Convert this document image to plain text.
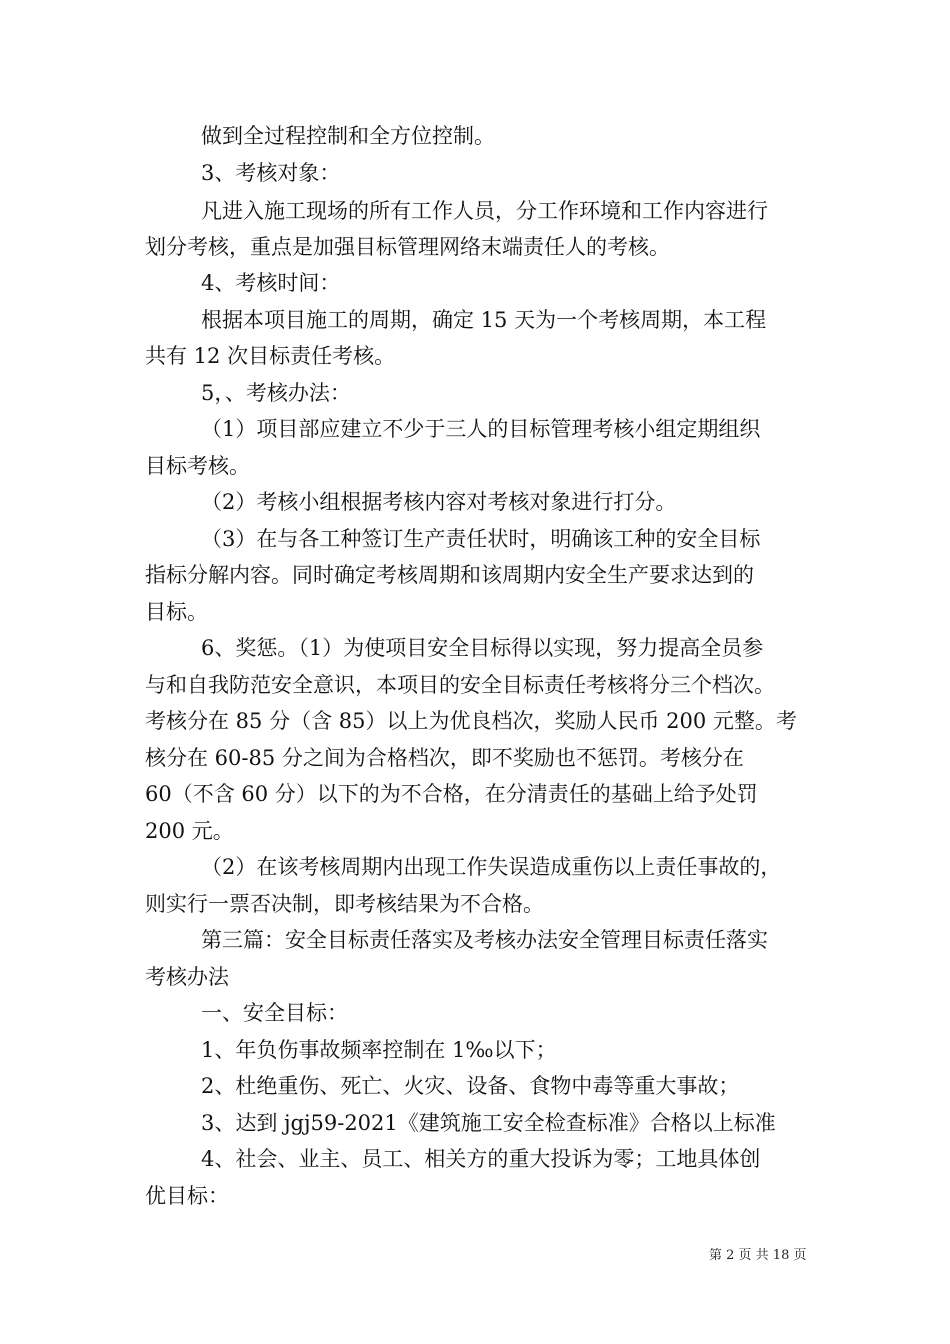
做到全过程控制和全方位控制。
3、考核对象：
凡进入施工现场的所有工作人员，分工作环境和工作内容进行
划分考核，重点是加强目标管理网络末端责任人的考核。
4、考核时间：
根据本项目施工的周期，确定 15 天为一个考核周期，本工程
共有 12 次目标责任考核。
5，、考核办法：
（1）项目部应建立不少于三人的目标管理考核小组定期组织
目标考核。
（2）考核小组根据考核内容对考核对象进行打分。
（3）在与各工种签订生产责任状时，明确该工种的安全目标
指标分解内容。同时确定考核周期和该周期内安全生产要求达到的
目标。
6、奖惩。（1）为使项目安全目标得以实现，努力提高全员参
与和自我防范安全意识，本项目的安全目标责任考核将分三个档次。
考核分在 85 分（含 85）以上为优良档次，奖励人民币 200 元整。考
核分在 60-85 分之间为合格档次，即不奖励也不惩罚。考核分在
60（不含 60 分）以下的为不合格，在分清责任的基础上给予处罚
200 元。
（2）在该考核周期内出现工作失误造成重伤以上责任事故的，
则实行一票否决制，即考核结果为不合格。
第三篇：安全目标责任落实及考核办法安全管理目标责任落实
考核办法
一、安全目标：
1、年负伤事故频率控制在 1‰以下；
2、杜绝重伤、死亡、火灾、设备、食物中毒等重大事故；
3、达到 jgj59-2021《建筑施工安全检查标准》合格以上标准
4、社会、业主、员工、相关方的重大投诉为零；工地具体创
优目标：
第 2 页 共 18 页
